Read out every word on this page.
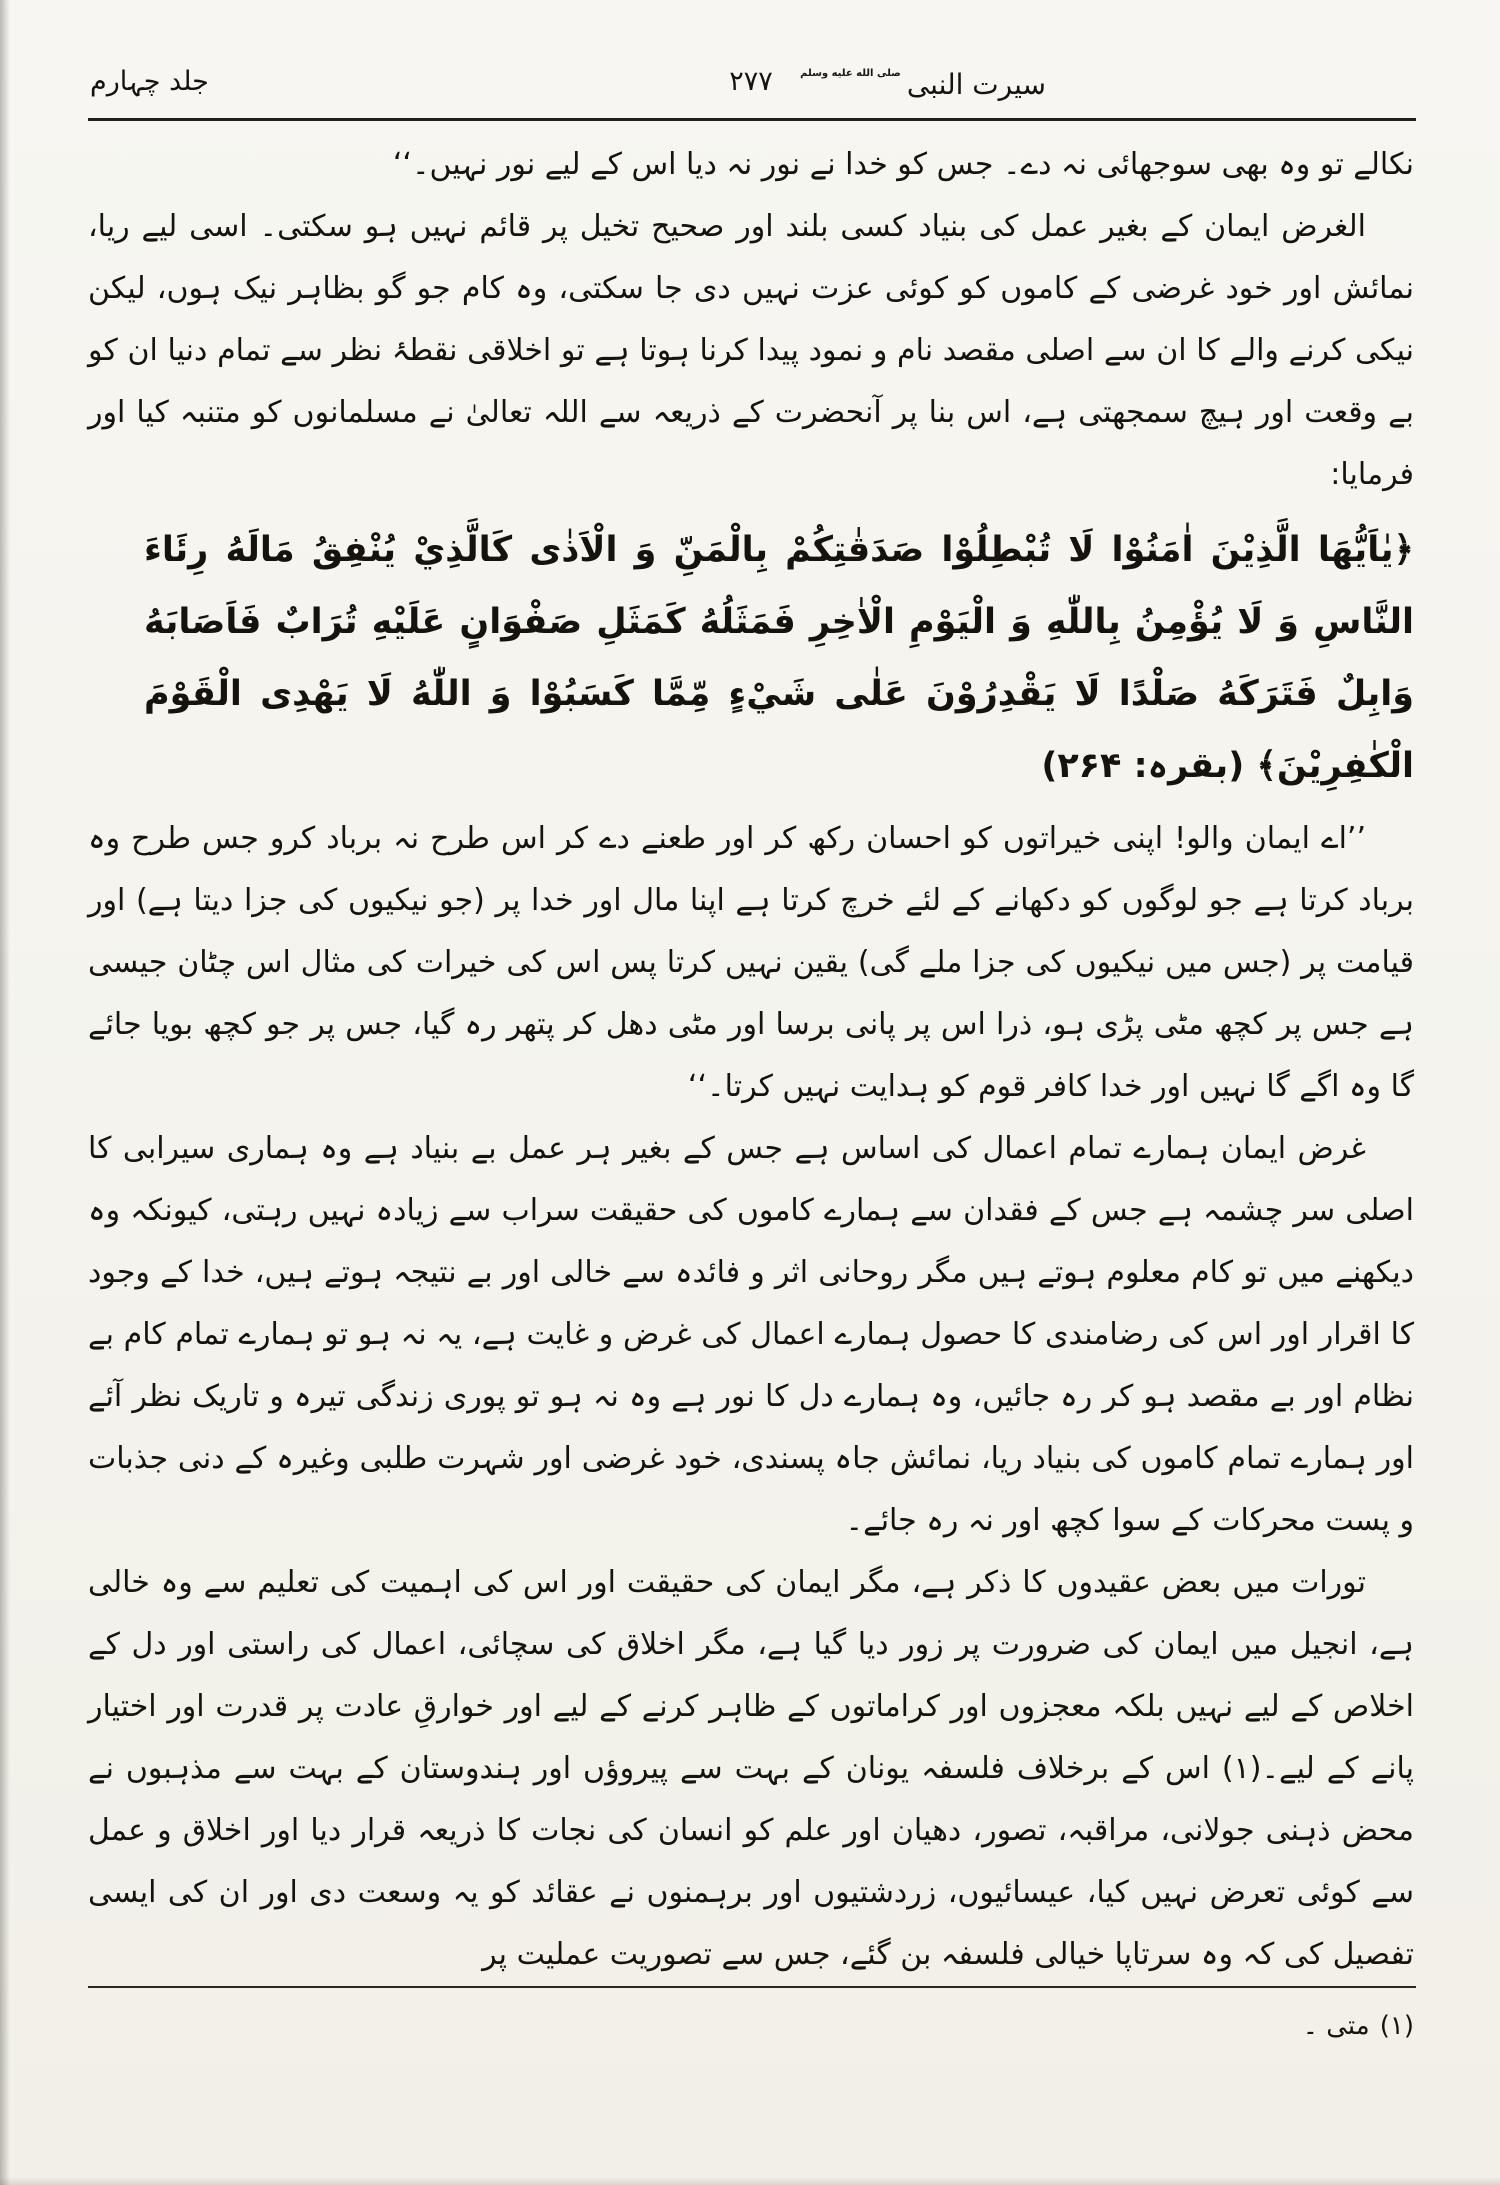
سیرت النبیصلى الله عليه وسلم
۲۷۷
جلد چہارم

نکالے تو وہ بھی سوجھائی نہ دے۔ جس کو خدا نے نور نہ دیا اس کے لیے نور نہیں۔‘‘

الغرض ایمان کے بغیر عمل کی بنیاد کسی بلند اور صحیح تخیل پر قائم نہیں ہو سکتی۔ اسی لیے ریا، نمائش اور خود غرضی کے کاموں کو کوئی عزت نہیں دی جا سکتی، وہ کام جو گو بظاہر نیک ہوں، لیکن نیکی کرنے والے کا ان سے اصلی مقصد نام و نمود پیدا کرنا ہوتا ہے تو اخلاقی نقطۂ نظر سے تمام دنیا ان کو بے وقعت اور ہیچ سمجھتی ہے، اس بنا پر آنحضرت کے ذریعہ سے اللہ تعالیٰ نے مسلمانوں کو متنبہ کیا اور فرمایا:

﴿يٰاَيُّهَا الَّذِيْنَ اٰمَنُوْا لَا تُبْطِلُوْا صَدَقٰتِكُمْ بِالْمَنِّ وَ الْاَذٰى كَالَّذِيْ يُنْفِقُ مَالَهُ رِئَاءَ النَّاسِ وَ لَا يُؤْمِنُ بِاللّٰهِ وَ الْيَوْمِ الْاٰخِرِ فَمَثَلُهُ كَمَثَلِ صَفْوَانٍ عَلَيْهِ تُرَابٌ فَاَصَابَهُ وَابِلٌ فَتَرَكَهُ صَلْدًا لَا يَقْدِرُوْنَ عَلٰى شَيْءٍ مِّمَّا كَسَبُوْا وَ اللّٰهُ لَا يَهْدِى الْقَوْمَ الْكٰفِرِيْنَ﴾ (بقرہ: ۲۶۴)

’’اے ایمان والو! اپنی خیراتوں کو احسان رکھ کر اور طعنے دے کر اس طرح نہ برباد کرو جس طرح وہ برباد کرتا ہے جو لوگوں کو دکھانے کے لئے خرچ کرتا ہے اپنا مال اور خدا پر (جو نیکیوں کی جزا دیتا ہے) اور قیامت پر (جس میں نیکیوں کی جزا ملے گی) یقین نہیں کرتا پس اس کی خیرات کی مثال اس چٹان جیسی ہے جس پر کچھ مٹی پڑی ہو، ذرا اس پر پانی برسا اور مٹی دھل کر پتھر رہ گیا، جس پر جو کچھ بویا جائے گا وہ اگے گا نہیں اور خدا کافر قوم کو ہدایت نہیں کرتا۔‘‘

غرض ایمان ہمارے تمام اعمال کی اساس ہے جس کے بغیر ہر عمل بے بنیاد ہے وہ ہماری سیرابی کا اصلی سر چشمہ ہے جس کے فقدان سے ہمارے کاموں کی حقیقت سراب سے زیادہ نہیں رہتی، کیونکہ وہ دیکھنے میں تو کام معلوم ہوتے ہیں مگر روحانی اثر و فائدہ سے خالی اور بے نتیجہ ہوتے ہیں، خدا کے وجود کا اقرار اور اس کی رضامندی کا حصول ہمارے اعمال کی غرض و غایت ہے، یہ نہ ہو تو ہمارے تمام کام بے نظام اور بے مقصد ہو کر رہ جائیں، وہ ہمارے دل کا نور ہے وہ نہ ہو تو پوری زندگی تیرہ و تاریک نظر آئے اور ہمارے تمام کاموں کی بنیاد ریا، نمائش جاہ پسندی، خود غرضی اور شہرت طلبی وغیرہ کے دنی جذبات و پست محرکات کے سوا کچھ اور نہ رہ جائے۔

تورات میں بعض عقیدوں کا ذکر ہے، مگر ایمان کی حقیقت اور اس کی اہمیت کی تعلیم سے وہ خالی ہے، انجیل میں ایمان کی ضرورت پر زور دیا گیا ہے، مگر اخلاق کی سچائی، اعمال کی راستی اور دل کے اخلاص کے لیے نہیں بلکہ معجزوں اور کراماتوں کے ظاہر کرنے کے لیے اور خوارقِ عادت پر قدرت اور اختیار پانے کے لیے۔(۱) اس کے برخلاف فلسفہ یونان کے بہت سے پیروؤں اور ہندوستان کے بہت سے مذہبوں نے محض ذہنی جولانی، مراقبہ، تصور، دھیان اور علم کو انسان کی نجات کا ذریعہ قرار دیا اور اخلاق و عمل سے کوئی تعرض نہیں کیا، عیسائیوں، زردشتیوں اور برہمنوں نے عقائد کو یہ وسعت دی اور ان کی ایسی تفصیل کی کہ وہ سرتاپا خیالی فلسفہ بن گئے، جس سے تصوریت عملیت پر

(۱)متی ۔
